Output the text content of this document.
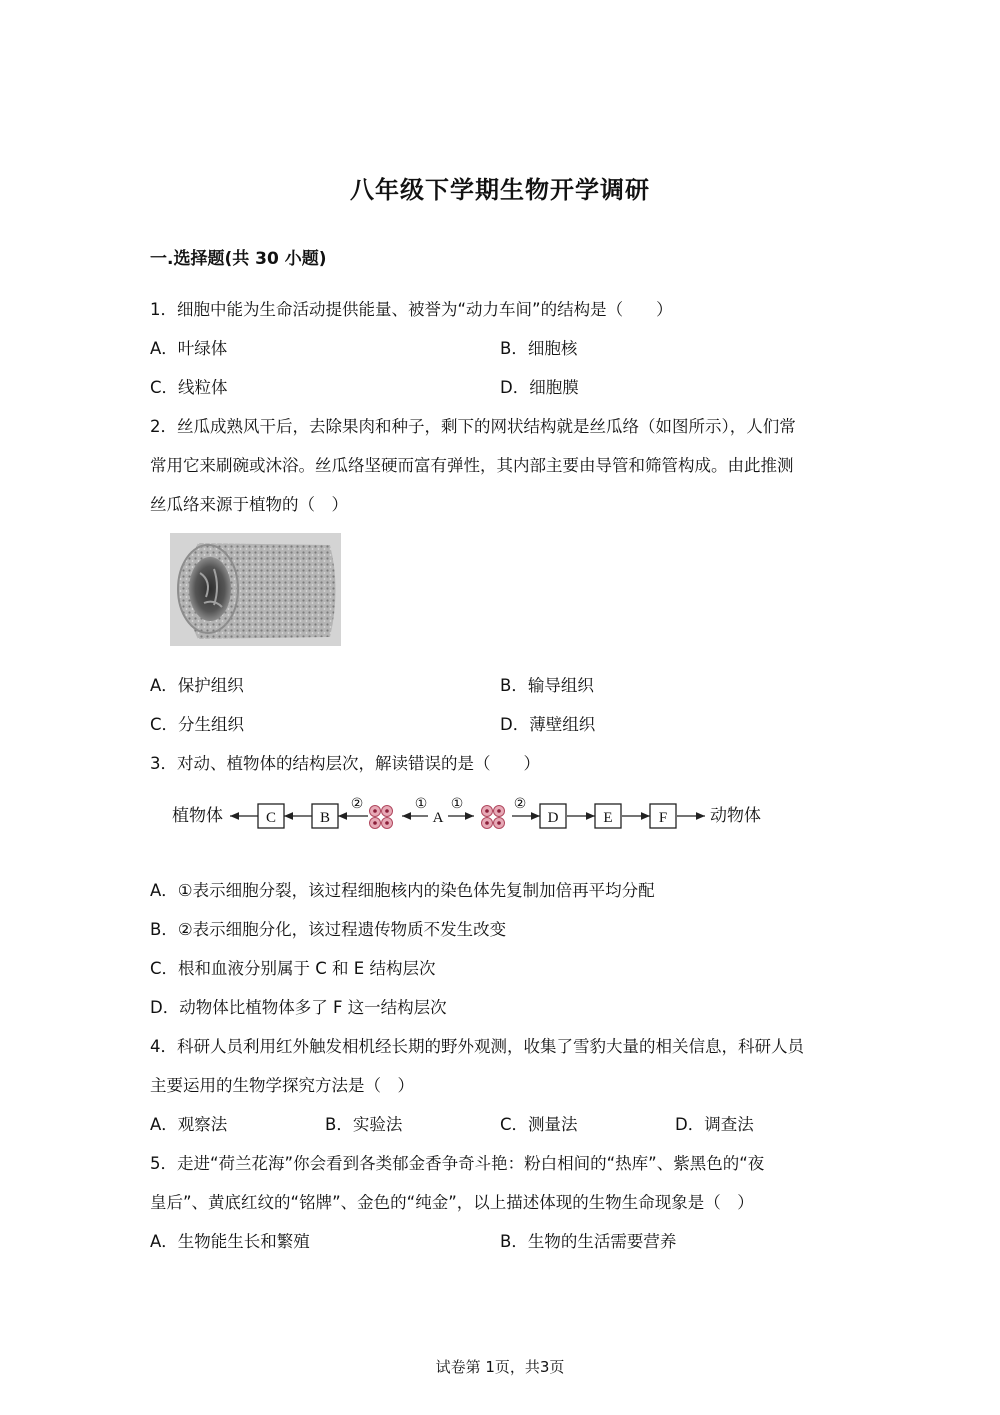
八年级下学期生物开学调研
一.选择题(共 30 小题)
1．细胞中能为生命活动提供能量、被誉为“动力车间”的结构是（　　）
A．叶绿体	B．细胞核
C．线粒体	D．细胞膜
2．丝瓜成熟风干后，去除果肉和种子，剩下的网状结构就是丝瓜络（如图所示），人们常
常用它来刷碗或沐浴。丝瓜络坚硬而富有弹性，其内部主要由导管和筛管构成。由此推测
丝瓜络来源于植物的（　）
A．保护组织	B．输导组织
C．分生组织	D．薄壁组织
3．对动、植物体的结构层次，解读错误的是（　　）
植物体	动物体
C	B	A	D	E	F
②	① ①	②
A．①表示细胞分裂，该过程细胞核内的染色体先复制加倍再平均分配
B．②表示细胞分化，该过程遗传物质不发生改变
C．根和血液分别属于 C 和 E 结构层次
D．动物体比植物体多了 F 这一结构层次
4．科研人员利用红外触发相机经长期的野外观测，收集了雪豹大量的相关信息，科研人员
主要运用的生物学探究方法是（　）
A．观察法	B．实验法	C．测量法	D．调查法
5．走进“荷兰花海”你会看到各类郁金香争奇斗艳：粉白相间的“热库”、紫黑色的“夜
皇后”、黄底红纹的“铭牌”、金色的“纯金”，以上描述体现的生物生命现象是（　）
A．生物能生长和繁殖	B．生物的生活需要营养
试卷第 1页，共3页
